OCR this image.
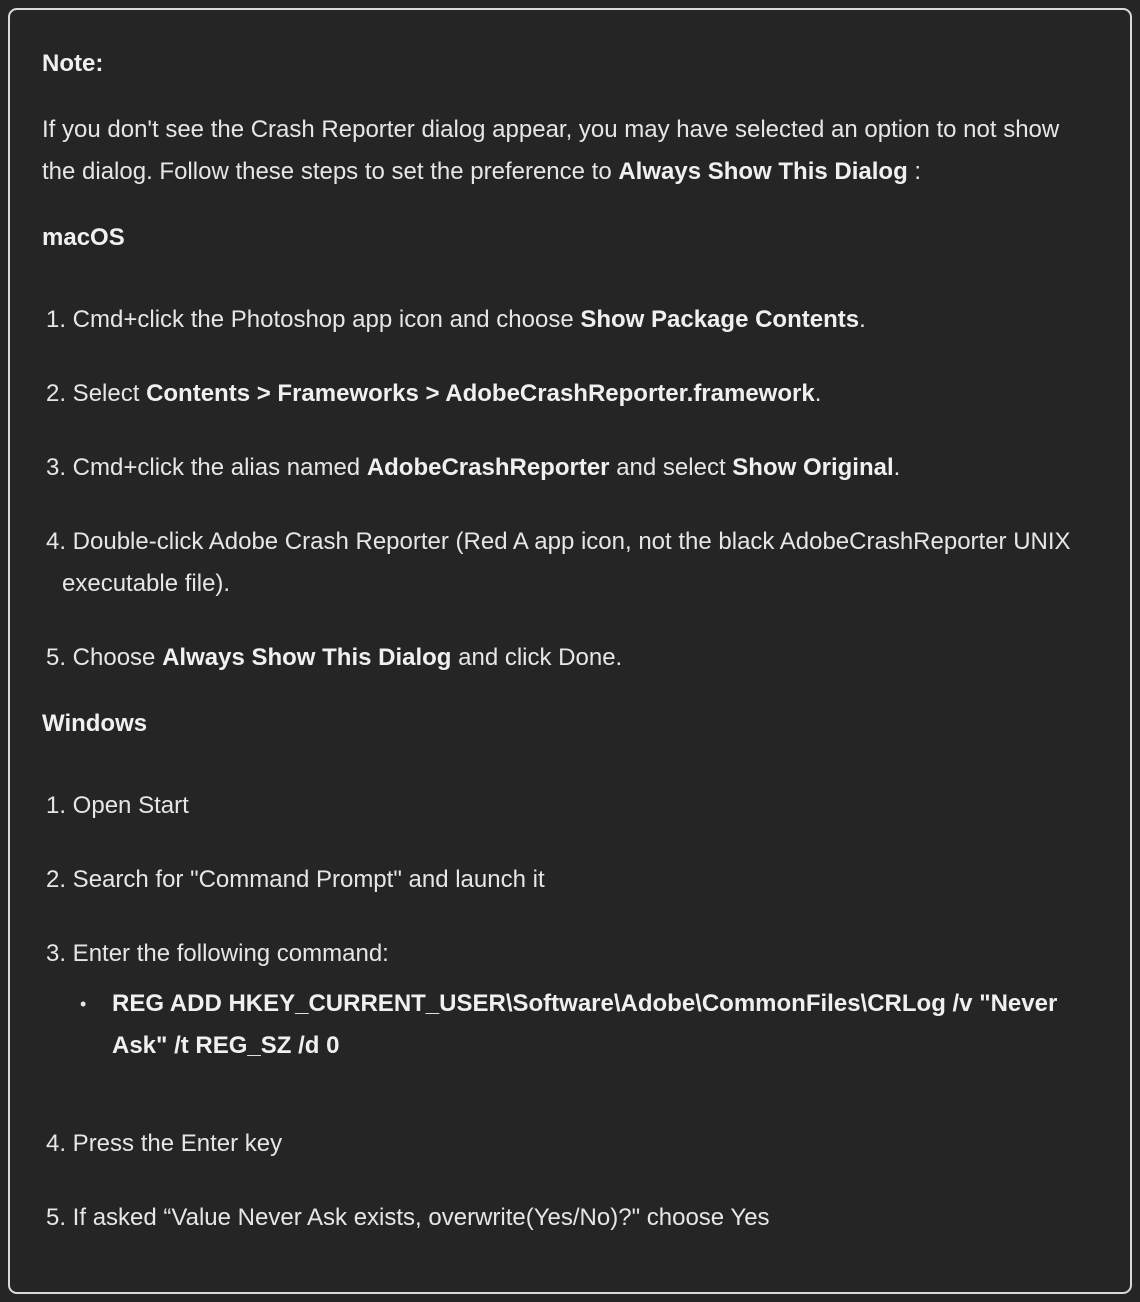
Note:

If you don't see the Crash Reporter dialog appear, you may have selected an option to not show the dialog. Follow these steps to set the preference to Always Show This Dialog :

macOS

1. Cmd+click the Photoshop app icon and choose Show Package Contents.

2. Select Contents > Frameworks > AdobeCrashReporter.framework.

3. Cmd+click the alias named AdobeCrashReporter and select Show Original.

4. Double-click Adobe Crash Reporter (Red A app icon, not the black AdobeCrashReporter UNIX executable file).

5. Choose Always Show This Dialog and click Done.

Windows

1. Open Start

2. Search for "Command Prompt" and launch it

3. Enter the following command:

• REG ADD HKEY_CURRENT_USER\Software\Adobe\CommonFiles\CRLog /v "Never Ask" /t REG_SZ /d 0

4. Press the Enter key

5. If asked “Value Never Ask exists, overwrite(Yes/No)?" choose Yes
